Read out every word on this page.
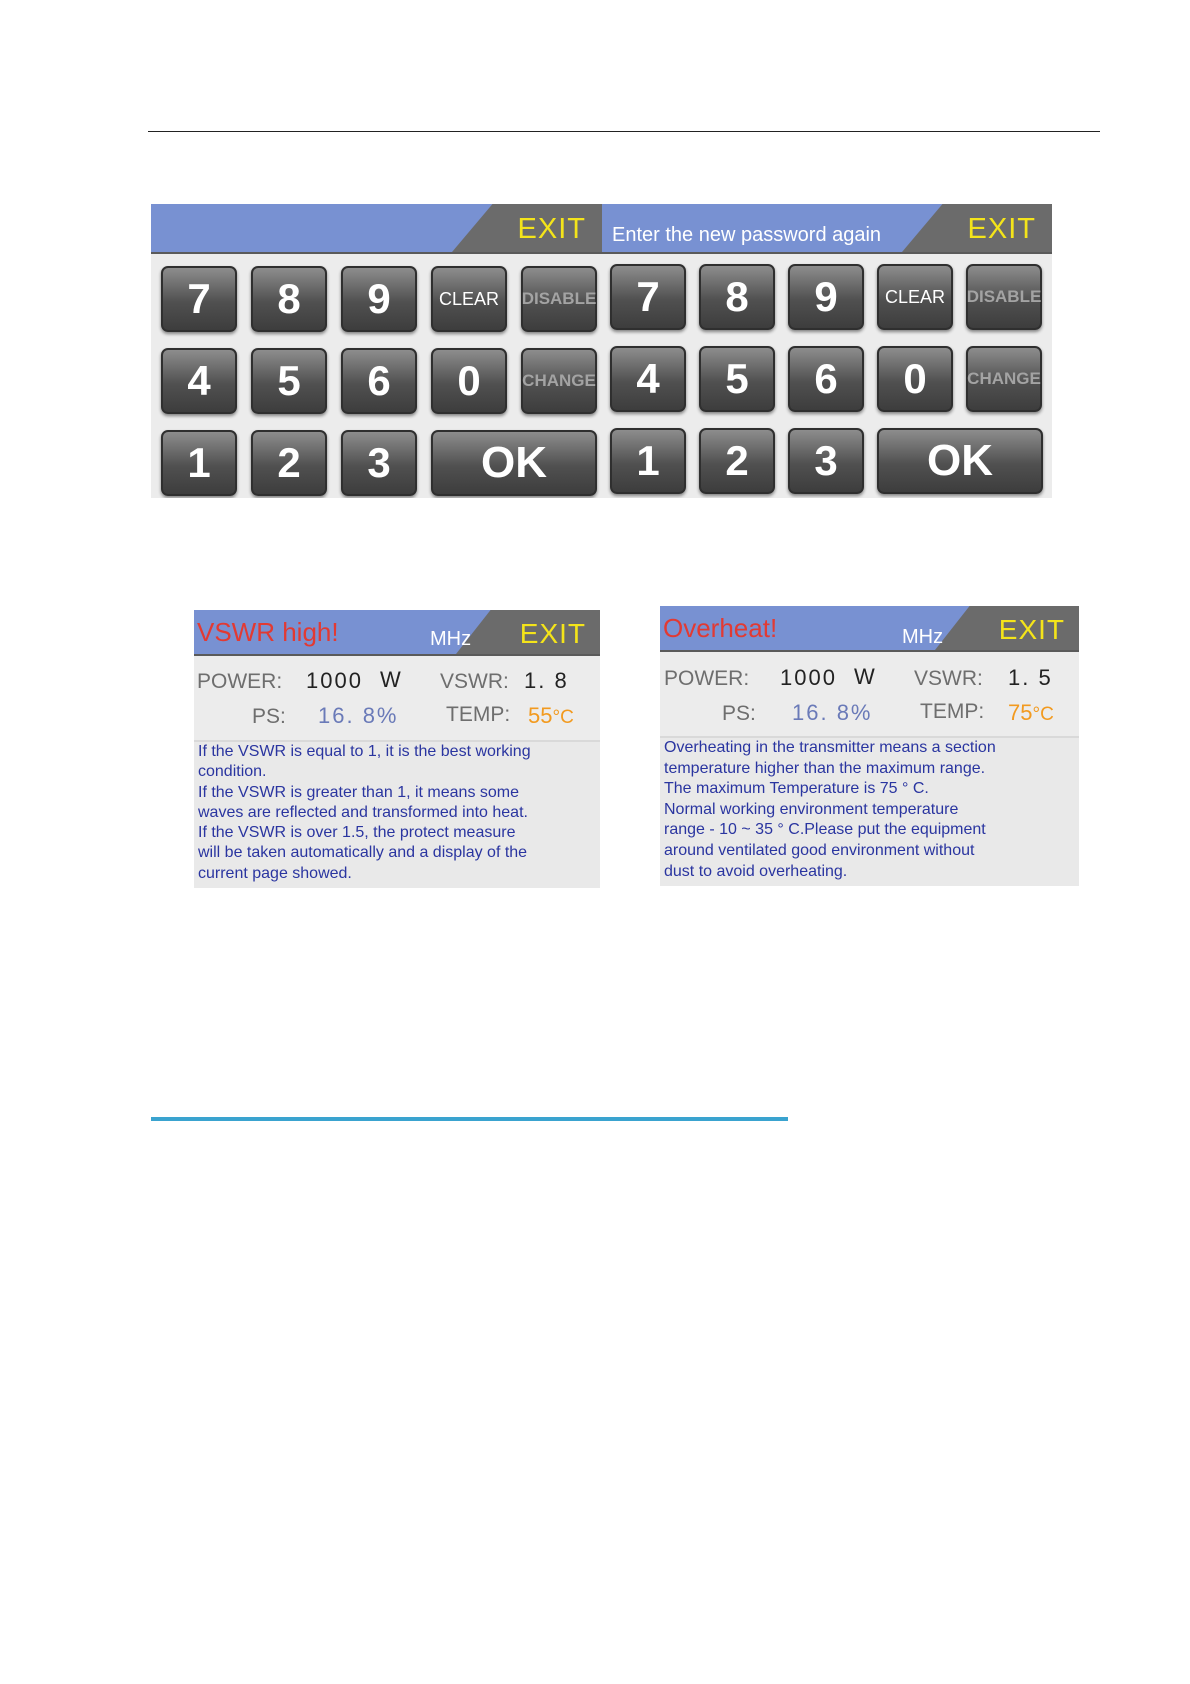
EXIT
7	8	9	CLEAR	DISABLE
4	5	6	0	CHANGE
1	2	3	OK
Enter the new password again	EXIT
7	8	9	CLEAR	DISABLE
4	5	6	0	CHANGE
1	2	3	OK
VSWR high!	MHz EXIT
POWER: 1000 W VSWR: 1. 8
PS: 16. 8% TEMP: 55°C
If the VSWR is equal to 1, it is the best working
condition.
If the VSWR is greater than 1, it means some
waves are reflected and transformed into heat.
If the VSWR is over 1.5, the protect measure
will be taken automatically and a display of the
current page showed.
Overheat!	MHz EXIT
POWER: 1000 W VSWR: 1. 5
PS: 16. 8% TEMP: 75°C
Overheating in the transmitter means a section
temperature higher than the maximum range.
The maximum Temperature is 75 ° C.
Normal working environment temperature
range - 10 ~ 35 ° C.Please put the equipment
around ventilated good environment without
dust to avoid overheating.
